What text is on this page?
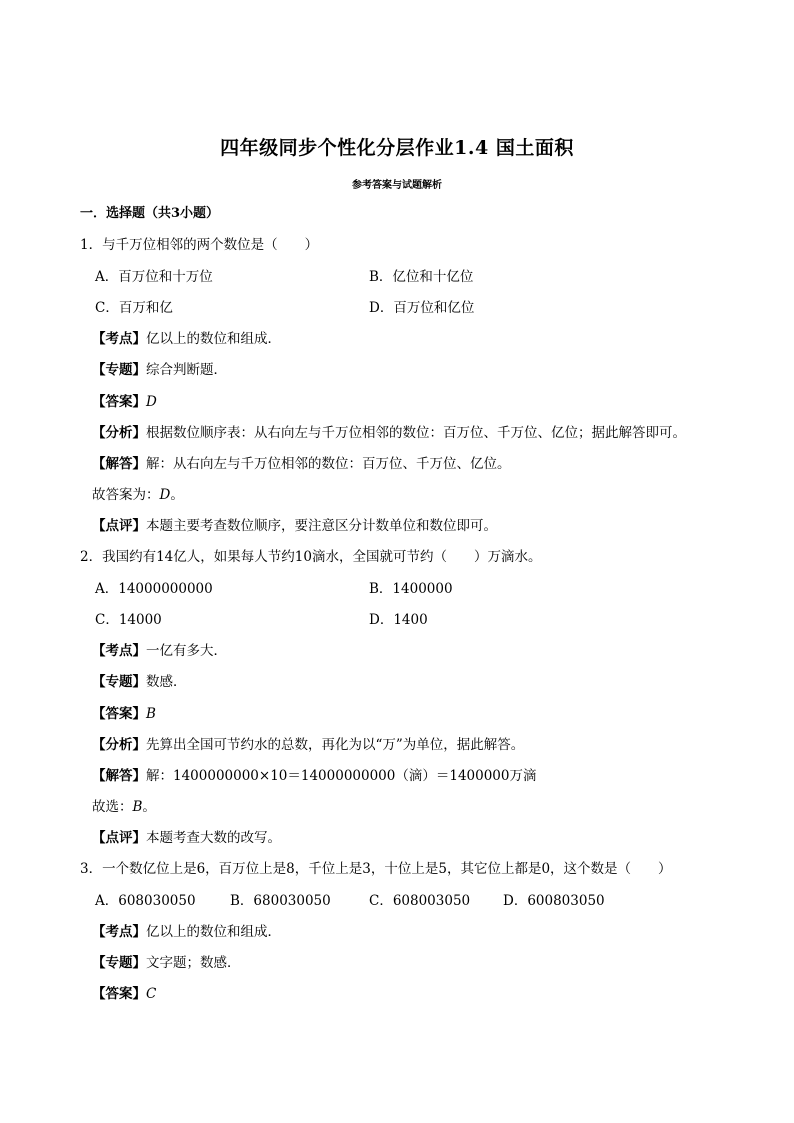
四年级同步个性化分层作业1.4 国土面积
参考答案与试题解析
一．选择题（共3小题）
1．与千万位相邻的两个数位是（　　）
A．百万位和十万位	B．亿位和十亿位
C．百万和亿	D．百万位和亿位
【考点】亿以上的数位和组成．
【专题】综合判断题．
【答案】D
【分析】根据数位顺序表：从右向左与千万位相邻的数位：百万位、千万位、亿位；据此解答即可。
【解答】解：从右向左与千万位相邻的数位：百万位、千万位、亿位。
故答案为：D。
【点评】本题主要考查数位顺序，要注意区分计数单位和数位即可。
2．我国约有14亿人，如果每人节约10滴水，全国就可节约（　　）万滴水。
A．14000000000	B．1400000
C．14000	D．1400
【考点】一亿有多大．
【专题】数感．
【答案】B
【分析】先算出全国可节约水的总数，再化为以“万”为单位，据此解答。
【解答】解：1400000000×10＝14000000000（滴）＝1400000万滴
故选：B。
【点评】本题考查大数的改写。
3．一个数亿位上是6，百万位上是8，千位上是3，十位上是5，其它位上都是0，这个数是（　　）
A．608030050	B．680030050	C．608003050 D．600803050
【考点】亿以上的数位和组成．
【专题】文字题；数感．
【答案】C
